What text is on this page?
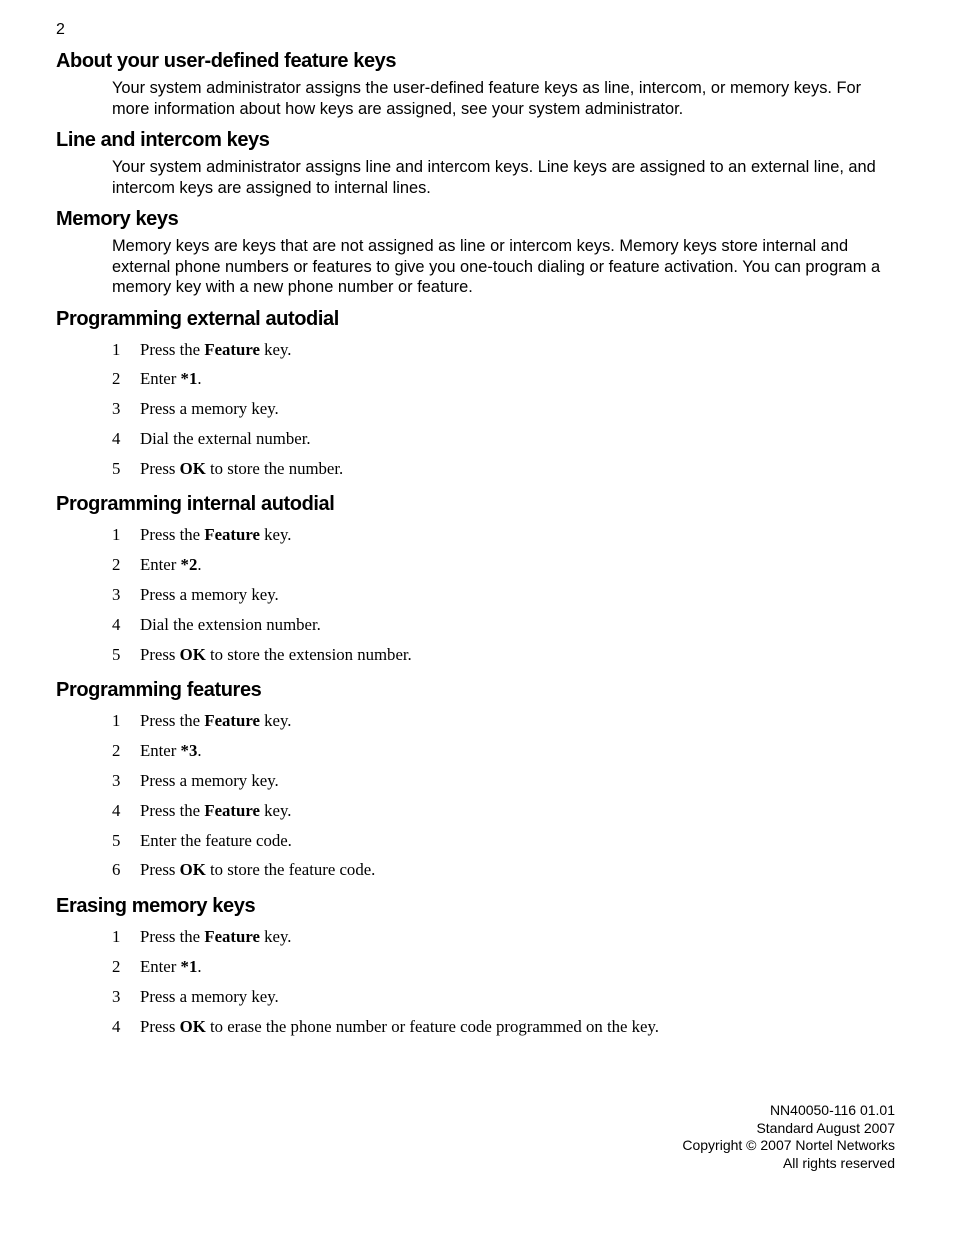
2
About your user-defined feature keys

Your system administrator assigns the user-defined feature keys as line, intercom, or memory keys. For more information about how keys are assigned, see your system administrator.

Line and intercom keys

Your system administrator assigns line and intercom keys. Line keys are assigned to an external line, and intercom keys are assigned to internal lines.

Memory keys

Memory keys are keys that are not assigned as line or intercom keys. Memory keys store internal and external phone numbers or features to give you one-touch dialing or feature activation. You can program a memory key with a new phone number or feature.

Programming external autodial
1	Press the Feature key.
2	Enter *1.
3	Press a memory key.
4	Dial the external number.
5	Press OK to store the number.
Programming internal autodial
1	Press the Feature key.
2	Enter *2.
3	Press a memory key.
4	Dial the extension number.
5	Press OK to store the extension number.
Programming features
1	Press the Feature key.
2	Enter *3.
3	Press a memory key.
4	Press the Feature key.
5	Enter the feature code.
6	Press OK to store the feature code.
Erasing memory keys
1	Press the Feature key.
2	Enter *1.
3	Press a memory key.
4	Press OK to erase the phone number or feature code programmed on the key.
NN40050-116 01.01
Standard August 2007
Copyright © 2007 Nortel Networks
All rights reserved
